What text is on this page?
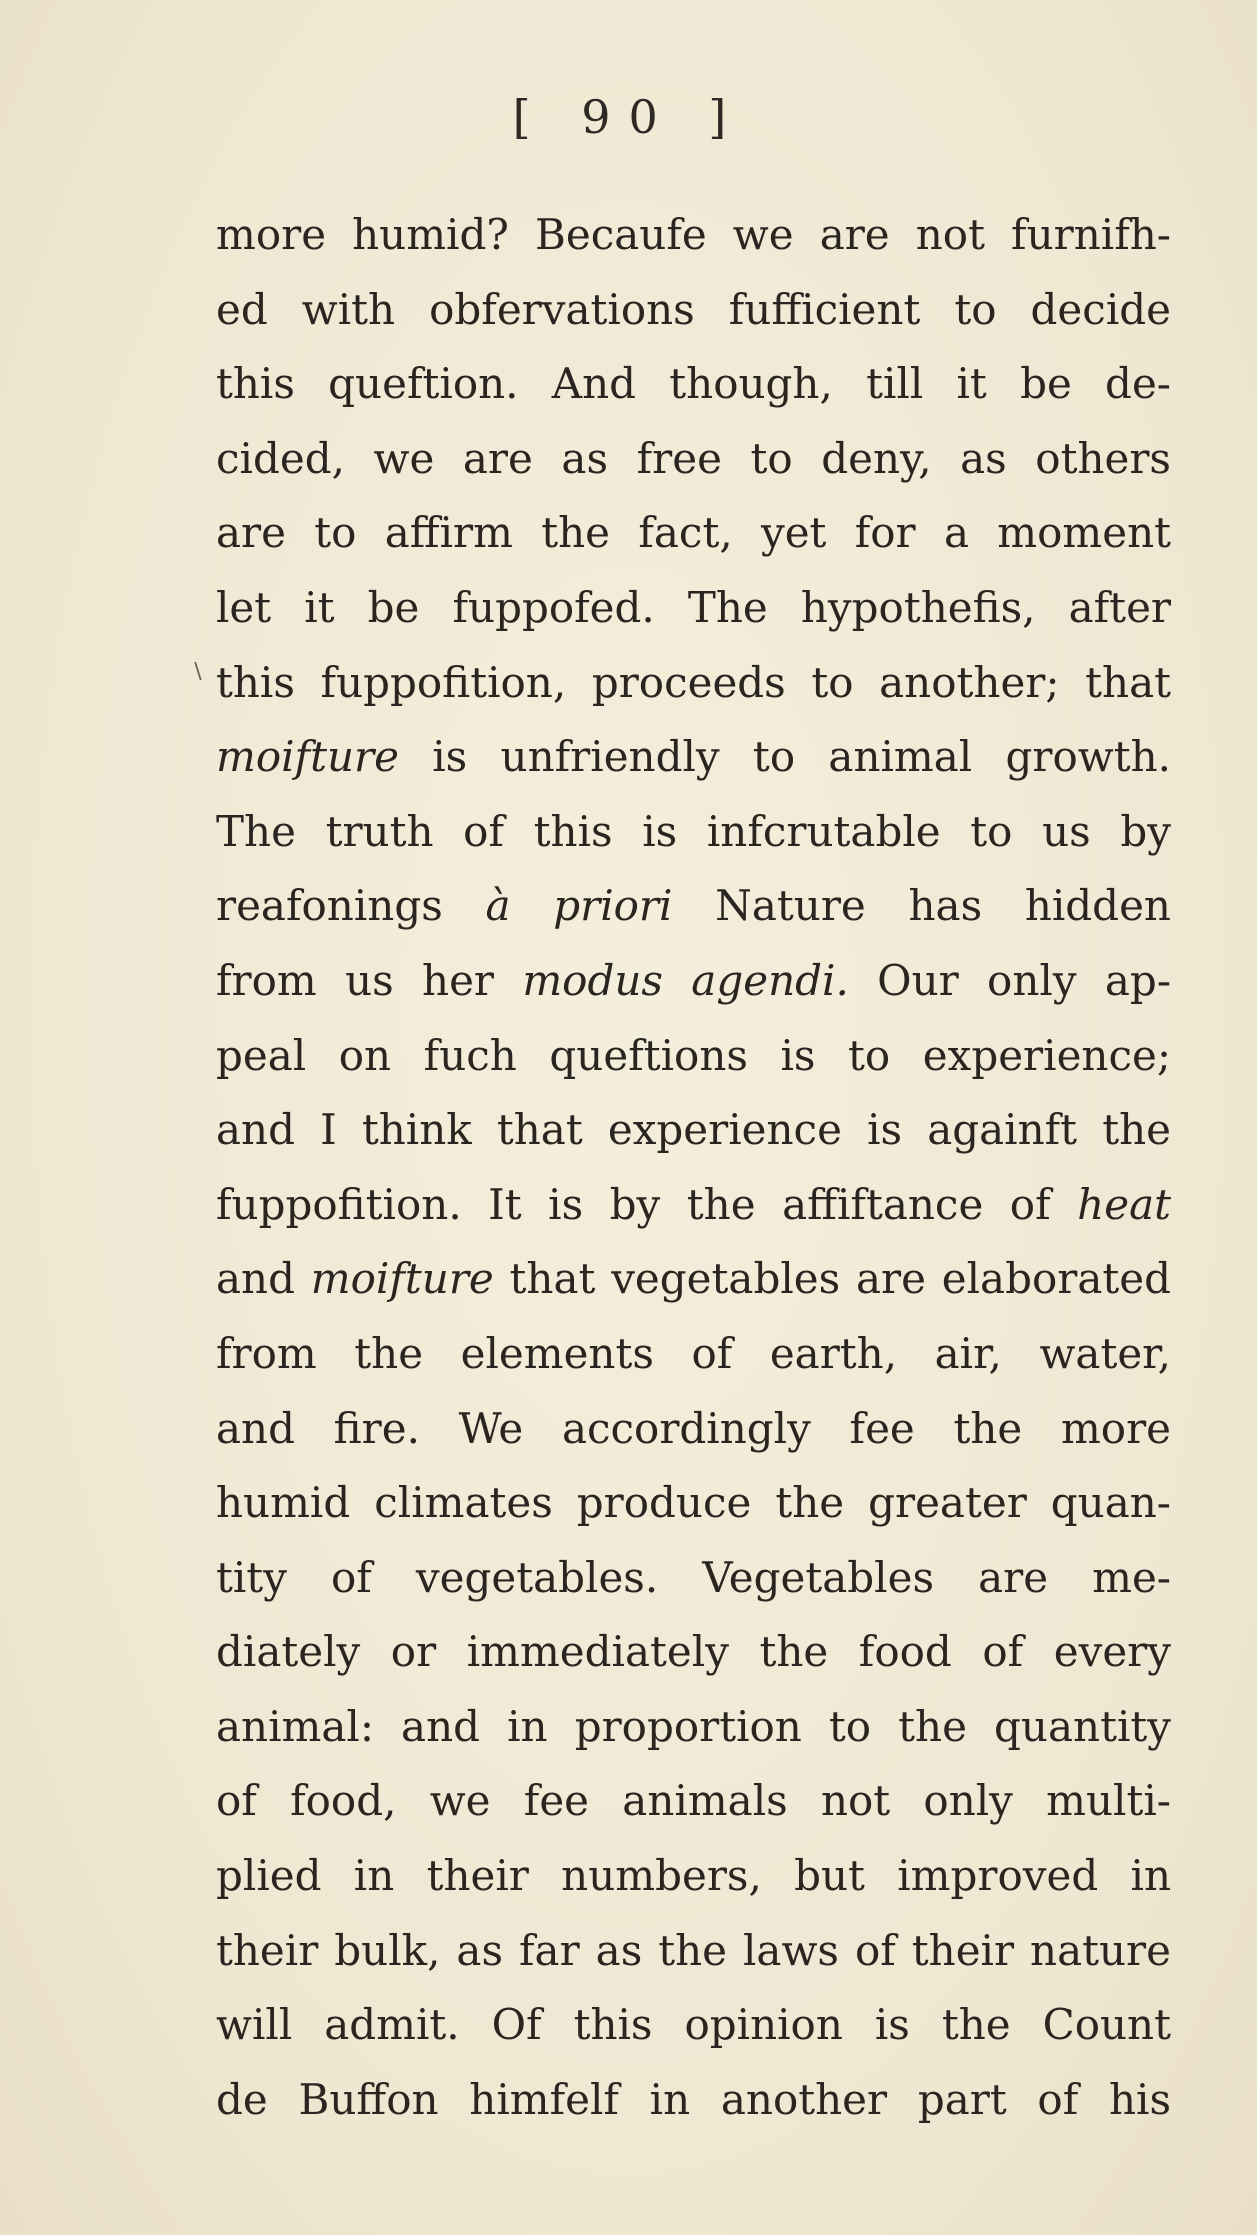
[ 90 ]
∖
more humid? Becaufe we are not furnifh-
ed with obfervations fufficient to decide
this queftion. And though, till it be de-
cided, we are as free to deny, as others
are to affirm the fact, yet for a moment
let it be fuppofed. The hypothefis, after
this fuppofition, proceeds to another; that
moifture is unfriendly to animal growth.
The truth of this is infcrutable to us by
reafonings à priori Nature has hidden
from us her modus agendi. Our only ap-
peal on fuch queftions is to experience;
and I think that experience is againft the
fuppofition. It is by the affiftance of heat
and moifture that vegetables are elaborated
from the elements of earth, air, water,
and fire. We accordingly fee the more
humid climates produce the greater quan-
tity of vegetables. Vegetables are me-
diately or immediately the food of every
animal: and in proportion to the quantity
of food, we fee animals not only multi-
plied in their numbers, but improved in
their bulk, as far as the laws of their nature
will admit. Of this opinion is the Count
de Buffon himfelf in another part of his
